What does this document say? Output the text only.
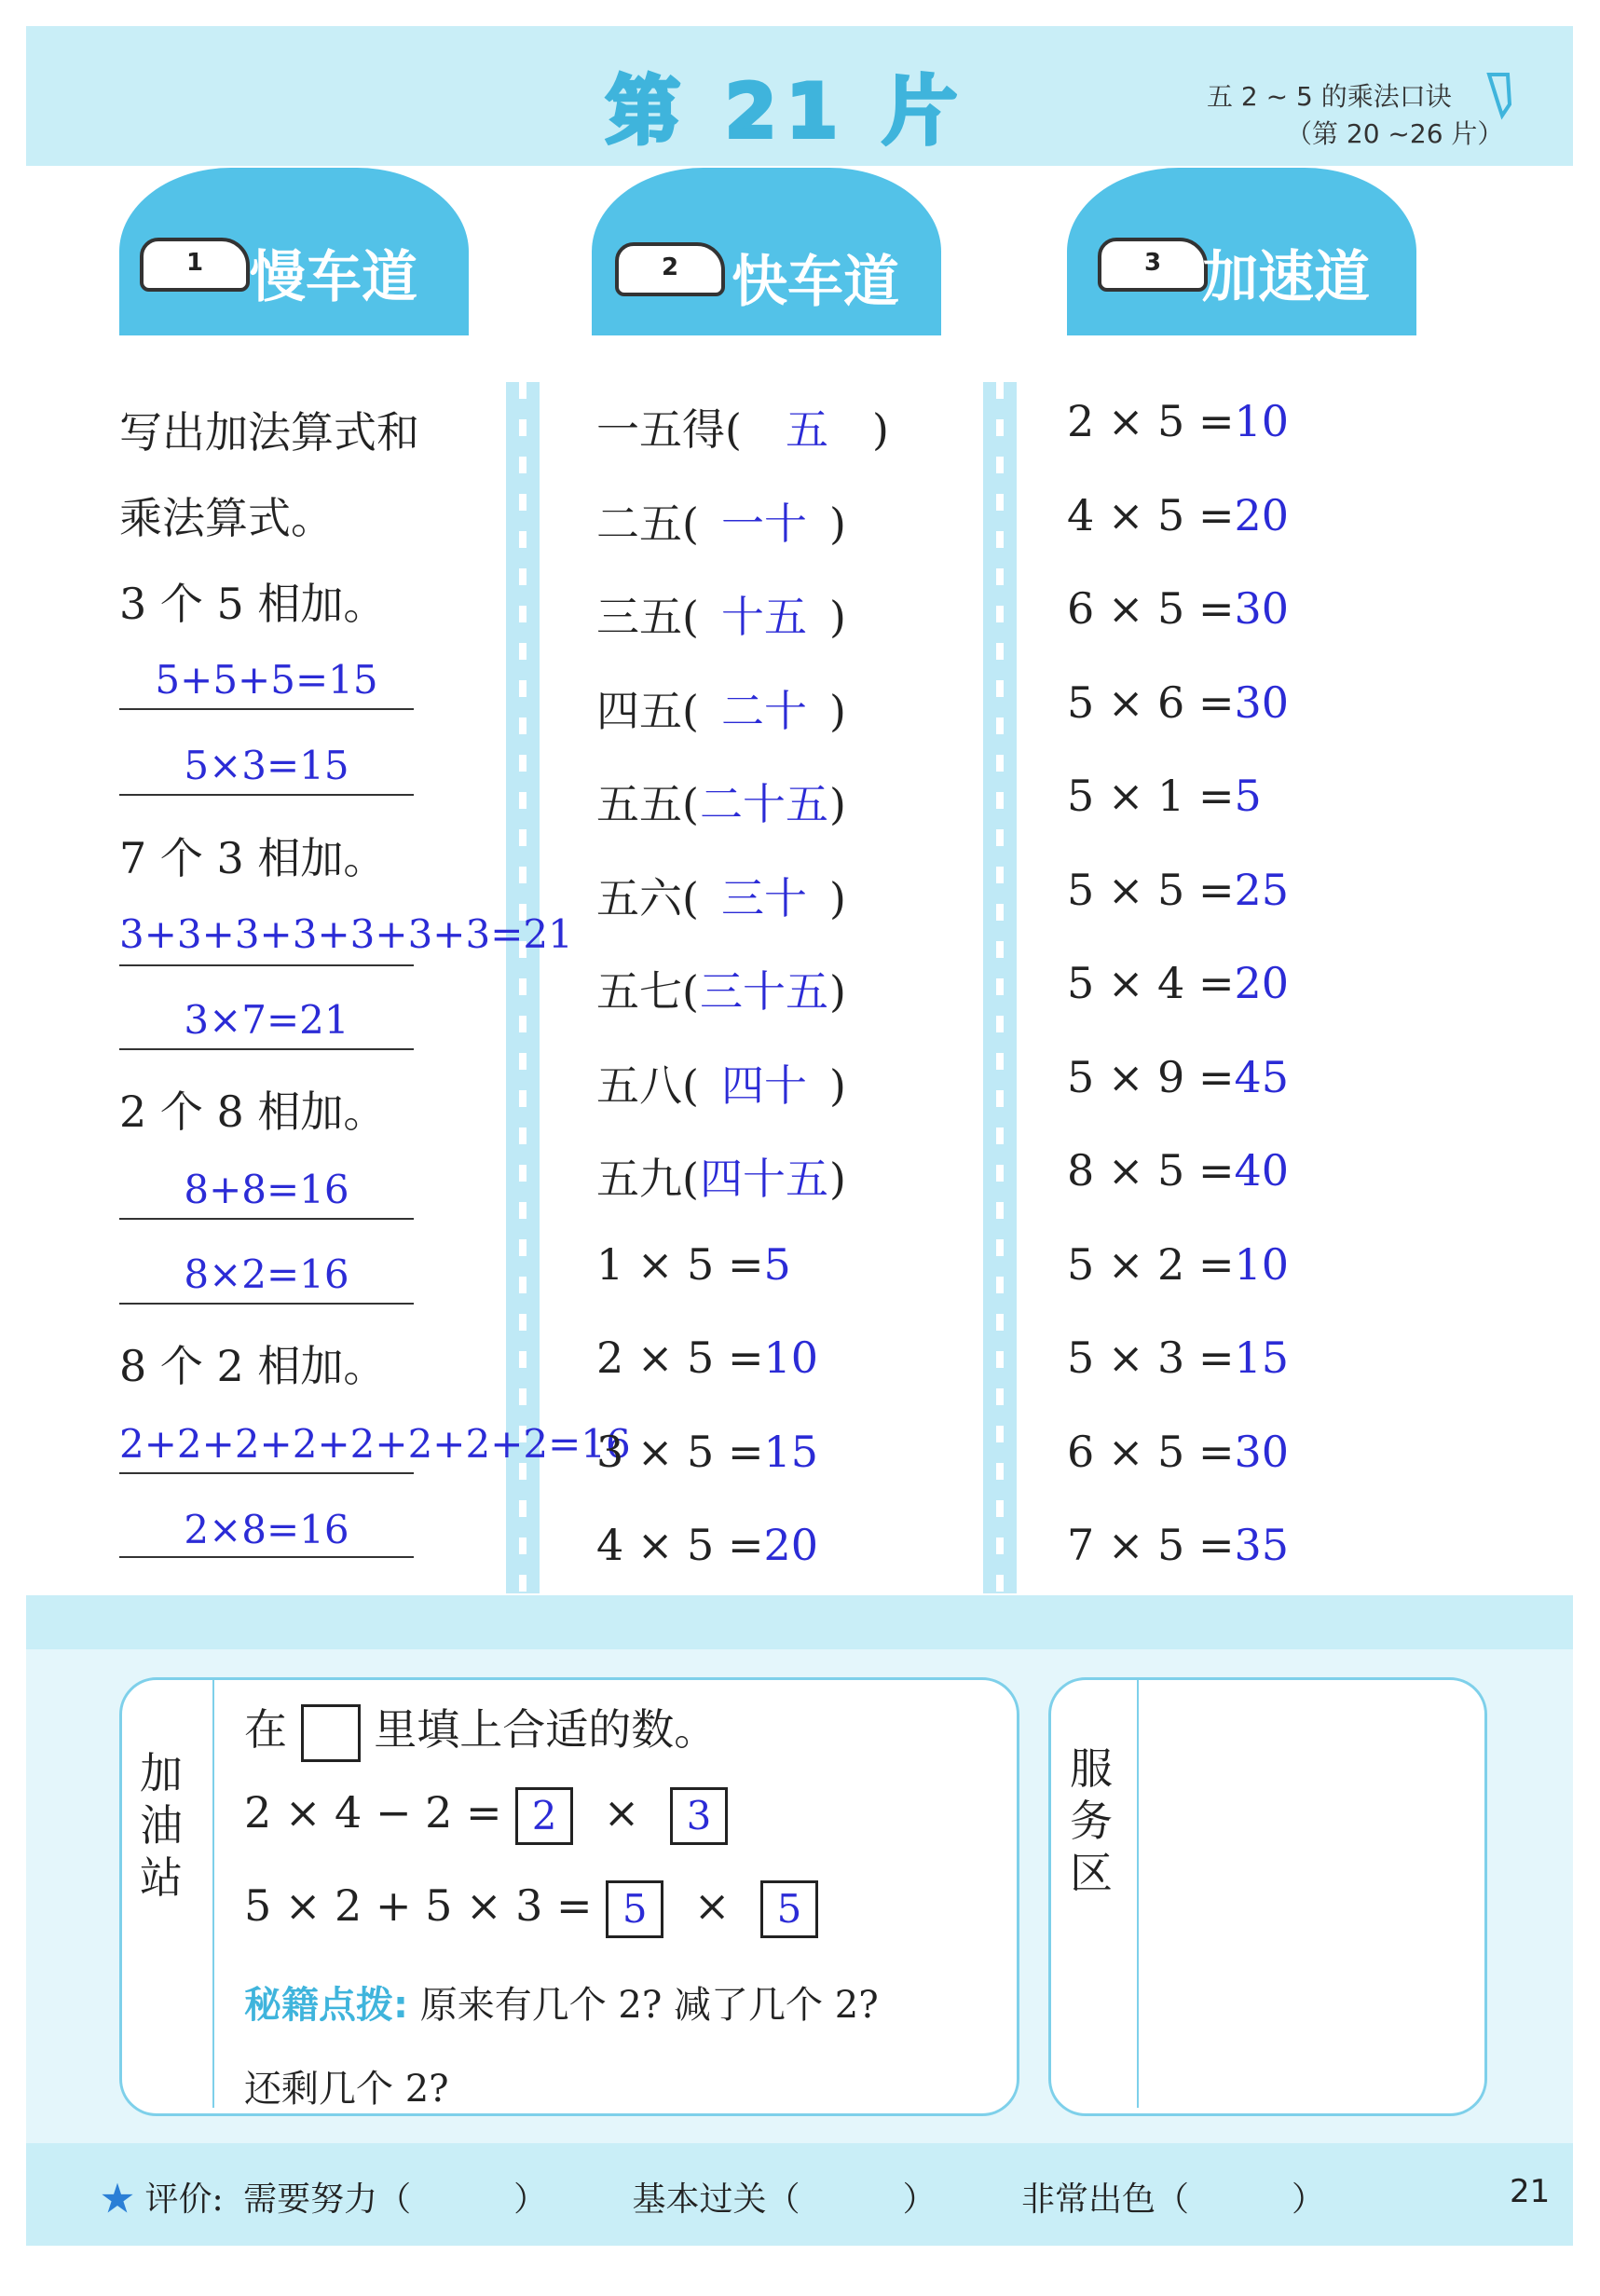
第 21 片	五 2 ~ 5 的乘法口诀
（第 20 ~26 片）
1 慢车道	2 快车道	3 加速道
写出加法算式和
乘法算式。
3 个 5 相加。
5+5+5=15
5×3=15
7 个 3 相加。
3+3+3+3+3+3+3=21
3×7=21
2 个 8 相加。
8+8=16
8×2=16
8 个 2 相加。
2+2+2+2+2+2+2+2=16
2×8=16
一五得( 五 )
二五( 一十 )
三五( 十五 )
四五( 二十 )
五五(二十五)
五六( 三十 )
五七(三十五)
五八( 四十 )
五九(四十五)
1 × 5 =5
2 × 5 =10
3 × 5 =15
4 × 5 =20
2 × 5 =10
4 × 5 =20
6 × 5 =30
5 × 6 =30
5 × 1 =5
5 × 5 =25
5 × 4 =20
5 × 9 =45
8 × 5 =40
5 × 2 =10
5 × 3 =15
6 × 5 =30
7 × 5 =35
加油站
在 里填上合适的数。
2 × 4 − 2 = 2 × 3
5 × 2 + 5 × 3 = 5 × 5
秘籍点拨: 原来有几个 2? 减了几个 2?
还剩几个 2?
服务区
★ 评价: 需要努力（	）	基本过关（	）	非常出色（	）	21
